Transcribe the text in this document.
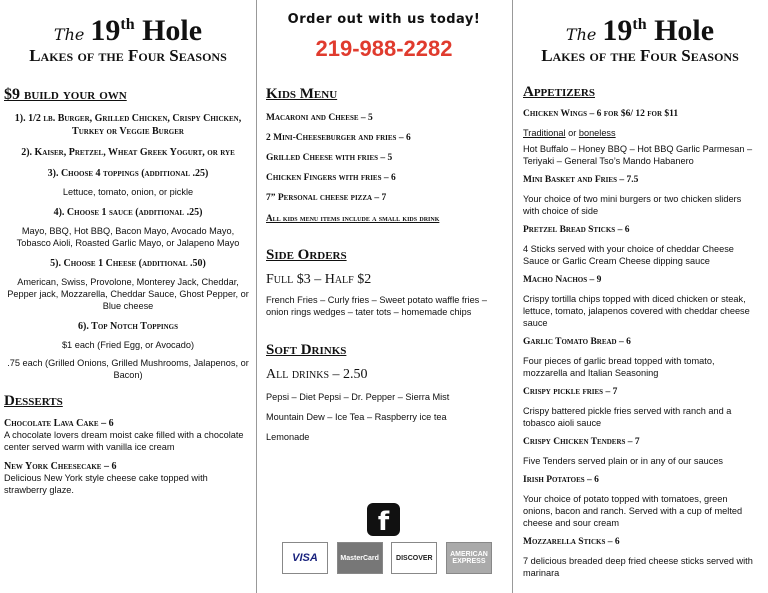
The 19th Hole
Lakes of the Four Seasons
$9 build your own
1). 1/2 lb. Burger, Grilled Chicken, Crispy Chicken, Turkey or Veggie Burger
2). Kaiser, Pretzel, Wheat Greek Yogurt, or rye
3). Choose 4 toppings (additional .25)
Lettuce, tomato, onion, or pickle
4). Choose 1 sauce (additional .25)
Mayo, BBQ, Hot BBQ, Bacon Mayo, Avocado Mayo, Tobasco Aioli, Roasted Garlic Mayo, or Jalapeno Mayo
5). Choose 1 Cheese (additional .50)
American, Swiss, Provolone, Monterey Jack, Cheddar, Pepper jack, Mozzarella, Cheddar Sauce, Ghost Pepper, or Blue cheese
6). Top Notch Toppings
$1 each (Fried Egg, or Avocado)
.75 each (Grilled Onions, Grilled Mushrooms, Jalapenos, or Bacon)
Desserts
Chocolate Lava Cake – 6
A chocolate lovers dream moist cake filled with a chocolate center served warm with vanilla ice cream
New York Cheesecake – 6
Delicious New York style cheese cake topped with strawberry glaze.
Order out with us today!
219-988-2282
Kids Menu
Macaroni and Cheese – 5
2 Mini-Cheeseburger and fries – 6
Grilled Cheese with fries – 5
Chicken Fingers with fries – 6
7” Personal cheese pizza – 7
All kids menu items include a small kids drink
Side Orders
Full $3 – Half $2
French Fries – Curly fries – Sweet potato waffle fries – onion rings wedges – tater tots – homemade chips
Soft Drinks
All drinks – 2.50
Pepsi – Diet Pepsi – Dr. Pepper – Sierra Mist
Mountain Dew – Ice Tea – Raspberry ice tea
Lemonade
f
VISA	MasterCard	DISCOVER	AMERICAN EXPRESS
The 19th Hole
Lakes of the Four Seasons
Appetizers
Chicken Wings – 6 for $6/ 12 for $11
Traditional or boneless
Hot Buffalo – Honey BBQ – Hot BBQ Garlic Parmesan –Teriyaki – General Tso’s Mando Habanero
Mini Basket and Fries – 7.5
Your choice of two mini burgers or two chicken sliders with choice of side
Pretzel Bread Sticks – 6
4 Sticks served with your choice of cheddar Cheese Sauce or Garlic Cream Cheese dipping sauce
Macho Nachos – 9
Crispy tortilla chips topped with diced chicken or steak, lettuce, tomato, jalapenos covered with cheddar cheese sauce
Garlic Tomato Bread – 6
Four pieces of garlic bread topped with tomato, mozzarella and Italian Seasoning
Crispy pickle fries – 7
Crispy battered pickle fries served with ranch and a tobasco aioli sauce
Crispy Chicken Tenders – 7
Five Tenders served plain or in any of our sauces
Irish Potatoes – 6
Your choice of potato topped with tomatoes, green onions, bacon and ranch. Served with a cup of melted cheese and sour cream
Mozzarella Sticks – 6
7 delicious breaded deep fried cheese sticks served with marinara
